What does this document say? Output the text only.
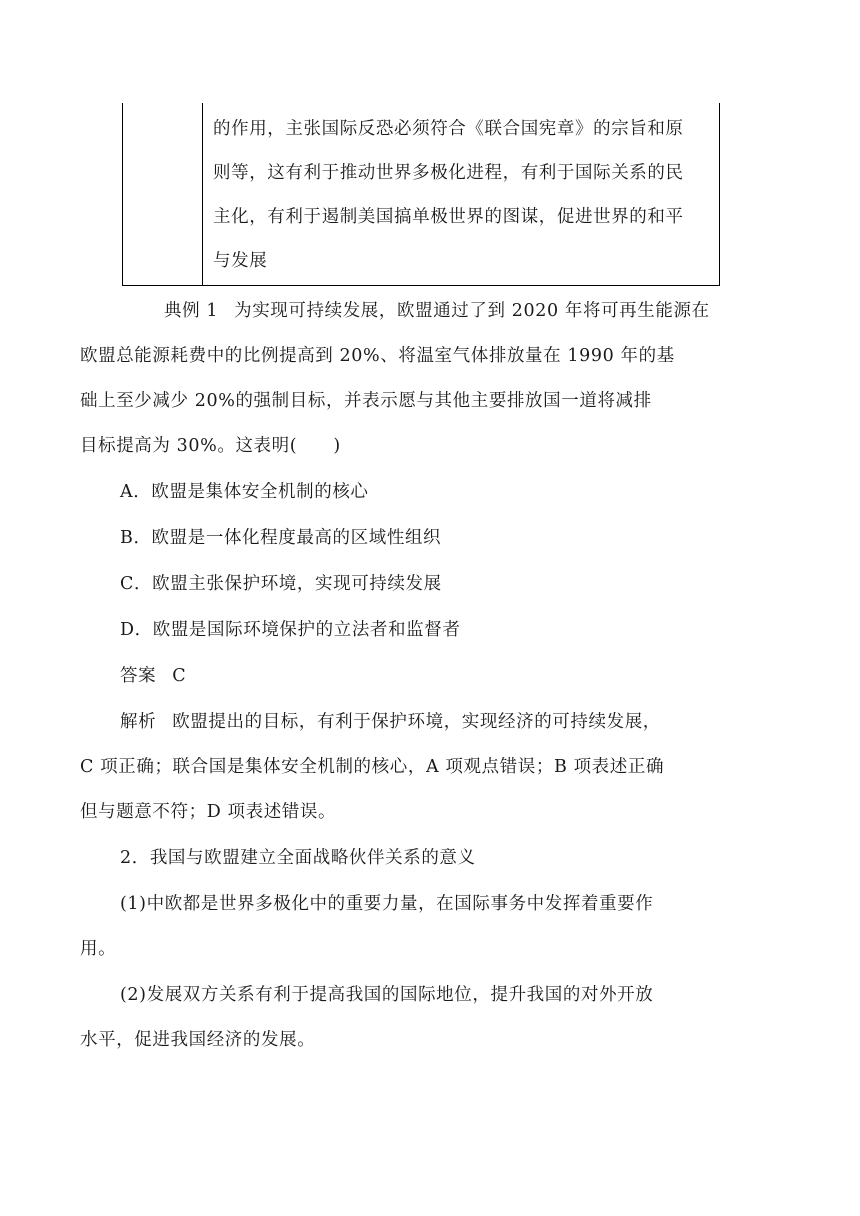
的作用，主张国际反恐必须符合《联合国宪章》的宗旨和原
则等，这有利于推动世界多极化进程，有利于国际关系的民
主化，有利于遏制美国搞单极世界的图谋，促进世界的和平
与发展
典例 1 为实现可持续发展，欧盟通过了到 2020 年将可再生能源在
欧盟总能源耗费中的比例提高到 20%、将温室气体排放量在 1990 年的基
础上至少减少 20%的强制目标，并表示愿与其他主要排放国一道将减排
目标提高为 30%。这表明(　　)
A．欧盟是集体安全机制的核心
B．欧盟是一体化程度最高的区域性组织
C．欧盟主张保护环境，实现可持续发展
D．欧盟是国际环境保护的立法者和监督者
答案 C
解析 欧盟提出的目标，有利于保护环境，实现经济的可持续发展，
C 项正确；联合国是集体安全机制的核心，A 项观点错误；B 项表述正确
但与题意不符；D 项表述错误。
2．我国与欧盟建立全面战略伙伴关系的意义
(1)中欧都是世界多极化中的重要力量，在国际事务中发挥着重要作
用。
(2)发展双方关系有利于提高我国的国际地位，提升我国的对外开放
水平，促进我国经济的发展。
